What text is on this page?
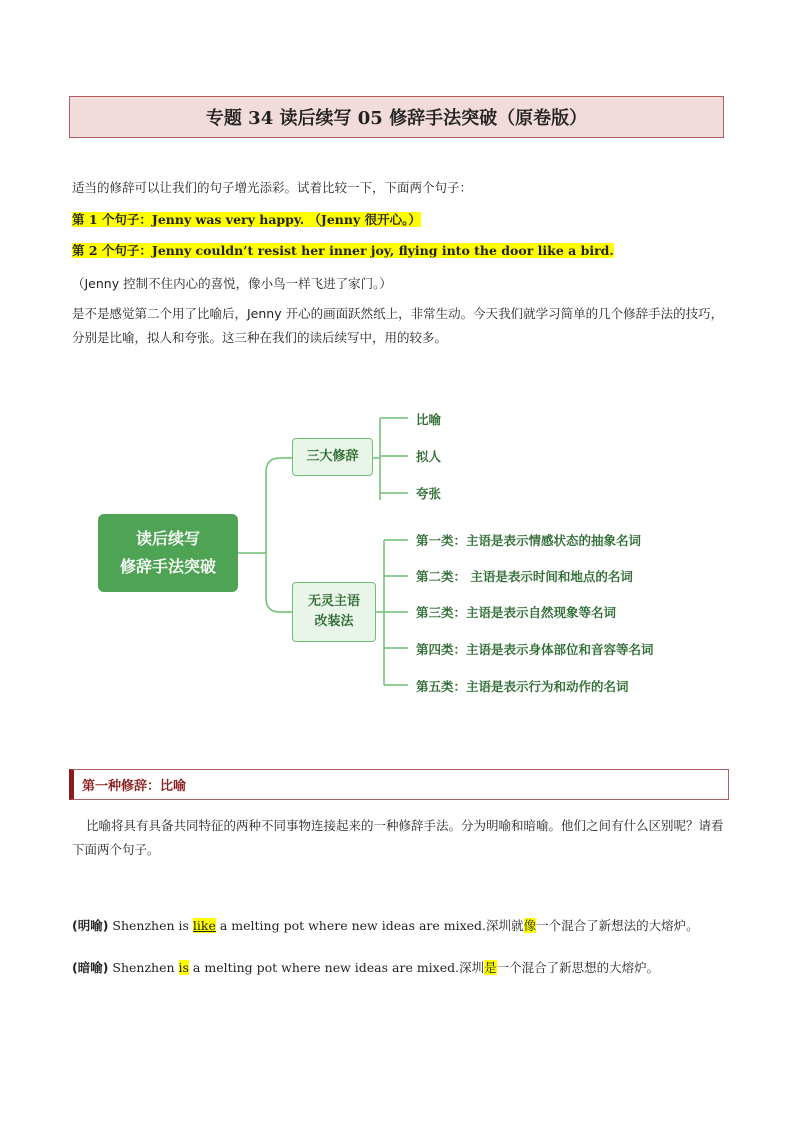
专题 34 读后续写 05 修辞手法突破（原卷版）
适当的修辞可以让我们的句子增光添彩。试着比较一下，下面两个句子：
第 1 个句子：Jenny was very happy. （Jenny 很开心。）
第 2 个句子：Jenny couldn’t resist her inner joy, flying into the door like a bird.
（Jenny 控制不住内心的喜悦，像小鸟一样飞进了家门。）
是不是感觉第二个用了比喻后，Jenny 开心的画面跃然纸上，非常生动。今天我们就学习简单的几个修辞手法的技巧，分别是比喻，拟人和夸张。这三种在我们的读后续写中，用的较多。
读后续写
修辞手法突破
三大修辞
比喻
拟人
夸张
无灵主语
改装法
第一类：主语是表示情感状态的抽象名词
第二类： 主语是表示时间和地点的名词
第三类：主语是表示自然现象等名词
第四类：主语是表示身体部位和音容等名词
第五类：主语是表示行为和动作的名词
第一种修辞：比喻
比喻将具有具备共同特征的两种不同事物连接起来的一种修辞手法。分为明喻和暗喻。他们之间有什么区别呢？请看下面两个句子。
(明喻) Shenzhen is like a melting pot where new ideas are mixed.深圳就像一个混合了新想法的大熔炉。
(暗喻) Shenzhen is a melting pot where new ideas are mixed.深圳是一个混合了新思想的大熔炉。
